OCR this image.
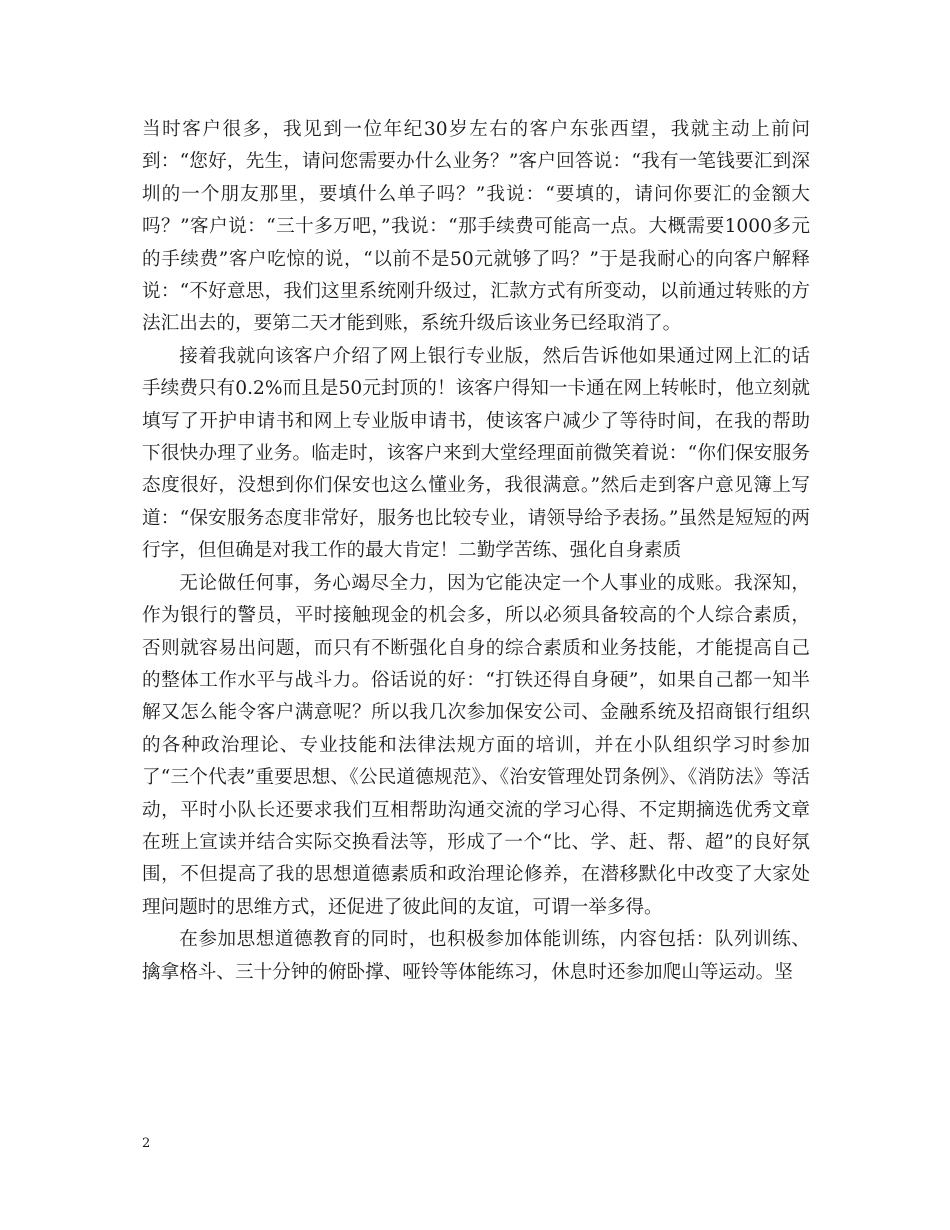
当时客户很多，我见到一位年纪30岁左右的客户东张西望，我就主动上前问到：“您好，先生，请问您需要办什么业务？”客户回答说：“我有一笔钱要汇到深圳的一个朋友那里，要填什么单子吗？”我说：“要填的，请问你要汇的金额大吗？”客户说：“三十多万吧，”我说：“那手续费可能高一点。大概需要1000多元的手续费”客户吃惊的说，“以前不是50元就够了吗？”于是我耐心的向客户解释说：“不好意思，我们这里系统刚升级过，汇款方式有所变动，以前通过转账的方法汇出去的，要第二天才能到账，系统升级后该业务已经取消了。

接着我就向该客户介绍了网上银行专业版，然后告诉他如果通过网上汇的话手续费只有0.2%而且是50元封顶的！该客户得知一卡通在网上转帐时，他立刻就填写了开护申请书和网上专业版申请书，使该客户减少了等待时间，在我的帮助下很快办理了业务。临走时，该客户来到大堂经理面前微笑着说：“你们保安服务态度很好，没想到你们保安也这么懂业务，我很满意。”然后走到客户意见簿上写道：“保安服务态度非常好，服务也比较专业，请领导给予表扬。”虽然是短短的两行字，但但确是对我工作的最大肯定！二勤学苦练、强化自身素质

无论做任何事，务心竭尽全力，因为它能决定一个人事业的成账。我深知，作为银行的警员，平时接触现金的机会多，所以必须具备较高的个人综合素质，否则就容易出问题，而只有不断强化自身的综合素质和业务技能，才能提高自己的整体工作水平与战斗力。俗话说的好：“打铁还得自身硬”，如果自己都一知半解又怎么能令客户满意呢？所以我几次参加保安公司、金融系统及招商银行组织的各种政治理论、专业技能和法律法规方面的培训，并在小队组织学习时参加了“三个代表”重要思想、《公民道德规范》、《治安管理处罚条例》、《消防法》等活动，平时小队长还要求我们互相帮助沟通交流的学习心得、不定期摘选优秀文章在班上宣读并结合实际交换看法等，形成了一个“比、学、赶、帮、超”的良好氛围，不但提高了我的思想道德素质和政治理论修养，在潜移默化中改变了大家处理问题时的思维方式，还促进了彼此间的友谊，可谓一举多得。

在参加思想道德教育的同时，也积极参加体能训练，内容包括：队列训练、擒拿格斗、三十分钟的俯卧撑、哑铃等体能练习，休息时还参加爬山等运动。坚

2
